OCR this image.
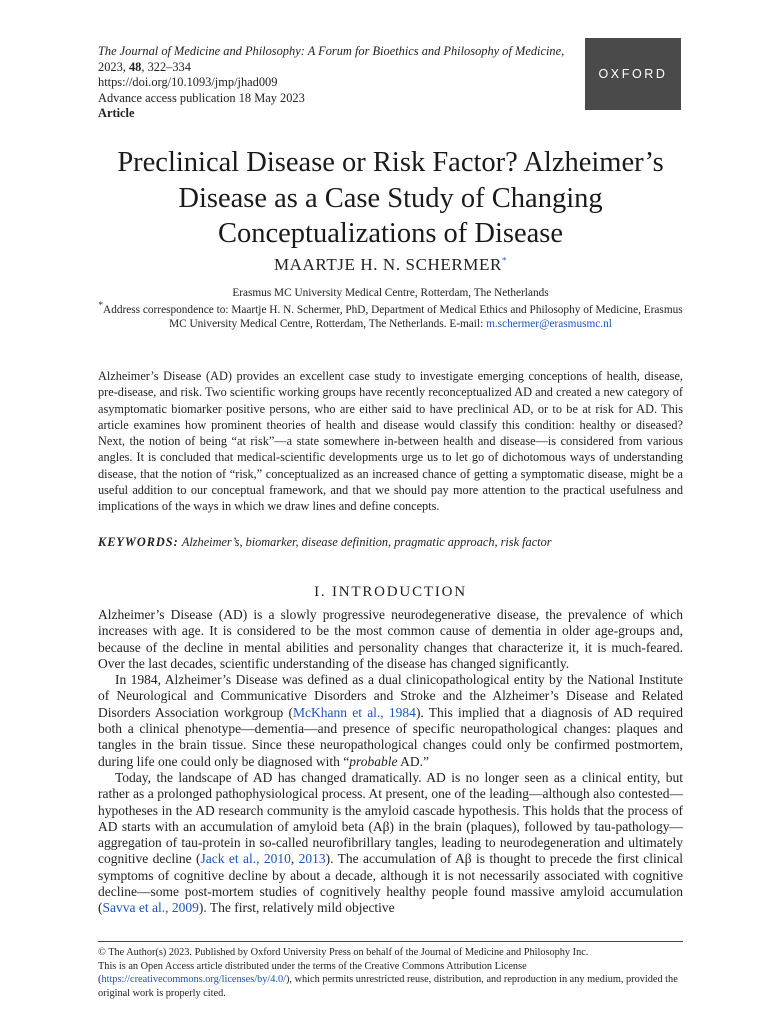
The Journal of Medicine and Philosophy: A Forum for Bioethics and Philosophy of Medicine,
2023, 48, 322–334
https://doi.org/10.1093/jmp/jhad009
Advance access publication 18 May 2023
Article
OXFORD
Preclinical Disease or Risk Factor? Alzheimer’s
Disease as a Case Study of Changing
Conceptualizations of Disease
MAARTJE H. N. SCHERMER*
Erasmus MC University Medical Centre, Rotterdam, The Netherlands
*Address correspondence to: Maartje H. N. Schermer, PhD, Department of Medical Ethics and Philosophy of Medicine, Erasmus MC University Medical Centre, Rotterdam, The Netherlands. E-mail: m.schermer@erasmusmc.nl

Alzheimer’s Disease (AD) provides an excellent case study to investigate emerging conceptions of health, disease, pre-disease, and risk. Two scientific working groups have recently reconceptualized AD and created a new category of asymptomatic biomarker positive persons, who are either said to have preclinical AD, or to be at risk for AD. This article examines how prominent theories of health and disease would classify this condition: healthy or diseased? Next, the notion of being “at risk”—a state somewhere in-between health and disease—is considered from various angles. It is concluded that medical-scientific developments urge us to let go of dichotomous ways of understanding disease, that the notion of “risk,” conceptualized as an increased chance of getting a symptomatic disease, might be a useful addition to our conceptual framework, and that we should pay more attention to the practical usefulness and implications of the ways in which we draw lines and define concepts.

KEYWORDS: Alzheimer’s, biomarker, disease definition, pragmatic approach, risk factor
I. INTRODUCTION

Alzheimer’s Disease (AD) is a slowly progressive neurodegenerative disease, the prevalence of which increases with age. It is considered to be the most common cause of dementia in older age-groups and, because of the decline in mental abilities and personality changes that characterize it, it is much-feared. Over the last decades, scientific understanding of the disease has changed significantly.

In 1984, Alzheimer’s Disease was defined as a dual clinicopathological entity by the National Institute of Neurological and Communicative Disorders and Stroke and the Alzheimer’s Disease and Related Disorders Association workgroup (McKhann et al., 1984). This implied that a diagnosis of AD required both a clinical phenotype—dementia—and presence of specific neuropathological changes: plaques and tangles in the brain tissue. Since these neuropathological changes could only be confirmed postmortem, during life one could only be diagnosed with “probable AD.”

Today, the landscape of AD has changed dramatically. AD is no longer seen as a clinical entity, but rather as a prolonged pathophysiological process. At present, one of the leading—although also contested—hypotheses in the AD research community is the amyloid cascade hypothesis. This holds that the process of AD starts with an accumulation of amyloid beta (Aβ) in the brain (plaques), followed by tau-pathology—aggregation of tau-protein in so-called neurofibrillary tangles, leading to neurodegeneration and ultimately cognitive decline (Jack et al., 2010, 2013). The accumulation of Aβ is thought to precede the first clinical symptoms of cognitive decline by about a decade, although it is not necessarily associated with cognitive decline—some post-mortem studies of cognitively healthy people found massive amyloid accumulation (Savva et al., 2009). The first, relatively mild objective

© The Author(s) 2023. Published by Oxford University Press on behalf of the Journal of Medicine and Philosophy Inc.

This is an Open Access article distributed under the terms of the Creative Commons Attribution License (https://creativecommons.org/licenses/by/4.0/), which permits unrestricted reuse, distribution, and reproduction in any medium, provided the original work is properly cited.
